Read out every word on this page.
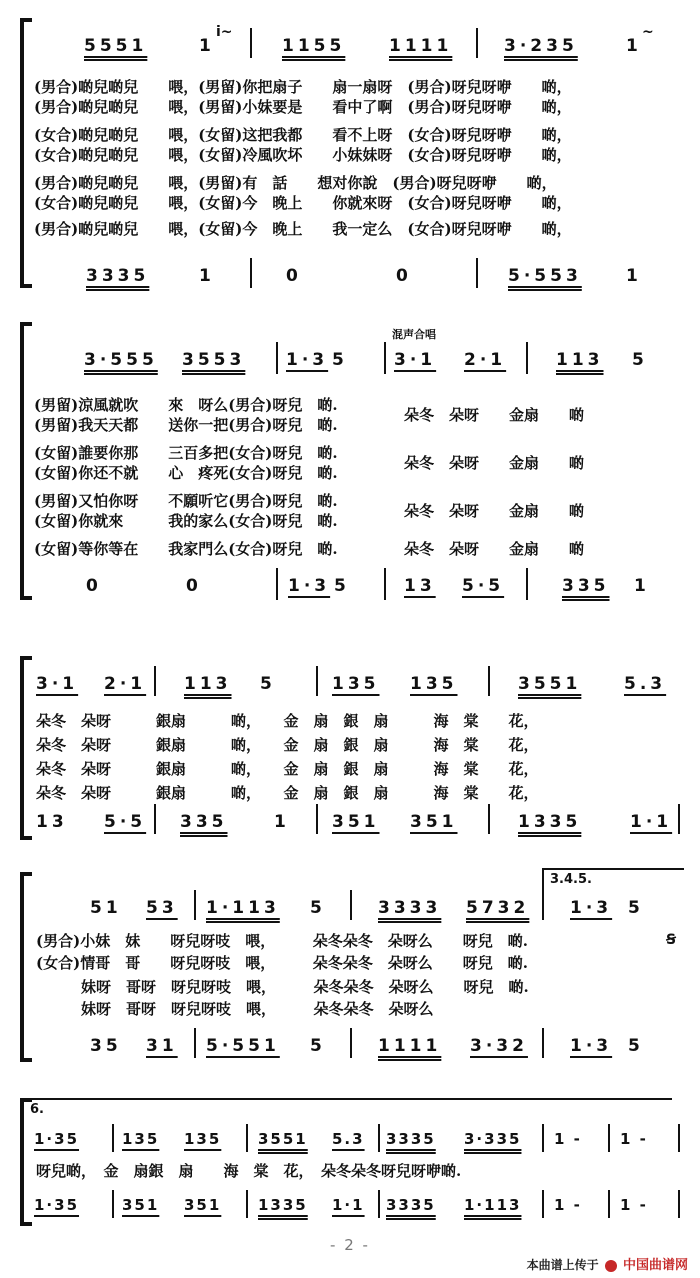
5551	1
i~
1155	1111	3·235	1
~
(男合)啲兒啲兒　　喂，(男留)你把扇子　　扇一扇呀　(男合)呀兒呀咿　　啲，
(男合)啲兒啲兒　　喂，(男留)小妹要是　　看中了啊　(男合)呀兒呀咿　　啲，
(女合)啲兒啲兒　　喂，(女留)这把我都　　看不上呀　(女合)呀兒呀咿　　啲，
(女合)啲兒啲兒　　喂，(女留)冷風吹坏　　小妹妹呀　(女合)呀兒呀咿　　啲，
(男合)啲兒啲兒　　喂，(男留)有　話　　想对你說　(男合)呀兒呀咿　　啲，
(女合)啲兒啲兒　　喂，(女留)今　晚上　　你就來呀　(女合)呀兒呀咿　　啲，
(男合)啲兒啲兒　　喂，(女留)今　晚上　　我一定么　(女合)呀兒呀咿　　啲，
3335	1	0	0	5·553	1
混声合唱
3·555 3553 1·3 5	3·1 2·1	113 5
(男留)涼風就吹　　來　呀么(男合)呀兒　啲.
(男留)我天天都　　送你一把(男合)呀兒　啲.
(女留)誰要你那　　三百多把(女合)呀兒　啲.
(女留)你还不就　　心　疼死(女合)呀兒　啲.
(男留)又怕你呀　　不願听它(男合)呀兒　啲.
(女留)你就來　　　我的家么(女合)呀兒　啲.
(女留)等你等在　　我家門么(女合)呀兒　啲.
朵冬　朵呀　　金扇　　啲
朵冬　朵呀　　金扇　　啲
朵冬　朵呀　　金扇　　啲
朵冬　朵呀　　金扇　　啲
0	0	1·3 5	13 5·5	335 1
3·1 2·1 113 5	135 135	3551	5.3
朵冬　朵呀　　　銀扇　　　啲，　　金　扇　銀　扇　　　海　棠　　花，
朵冬　朵呀　　　銀扇　　　啲，　　金　扇　銀　扇　　　海　棠　　花，
朵冬　朵呀　　　銀扇　　　啲，　　金　扇　銀　扇　　　海　棠　　花，
朵冬　朵呀　　　銀扇　　　啲，　　金　扇　銀　扇　　　海　棠　　花，
13 5·5 335	1 351 351	1335	1·1
3.4.5.
51 53 1·113 5	3333 5732 1·3 5
(男合)小妹　妹　　呀兒呀吱　喂，　　　朵冬朵冬　朵呀么　　呀兒　啲.
(女合)情哥　哥　　呀兒呀吱　喂，　　　朵冬朵冬　朵呀么　　呀兒　啲.
　　　妹呀　哥呀　呀兒呀吱　喂，　　　朵冬朵冬　朵呀么　　呀兒　啲.
　　　妹呀　哥呀　呀兒呀吱　喂，　　　朵冬朵冬　朵呀么
Ꞩ
35 31 5·551 5	1111 3·32 1·3 5
6.
1·35	135 135 3551 5.3 3335 3·335 1 -	1 -
呀兒啲，　金　扇銀　扇　　海　棠　花，　朵冬朵冬呀兒呀咿啲.
1·35	351 351 1335 1·1 3335 1·113 1 -	1 -
- 2 -
本曲谱上传于 中国曲谱网
